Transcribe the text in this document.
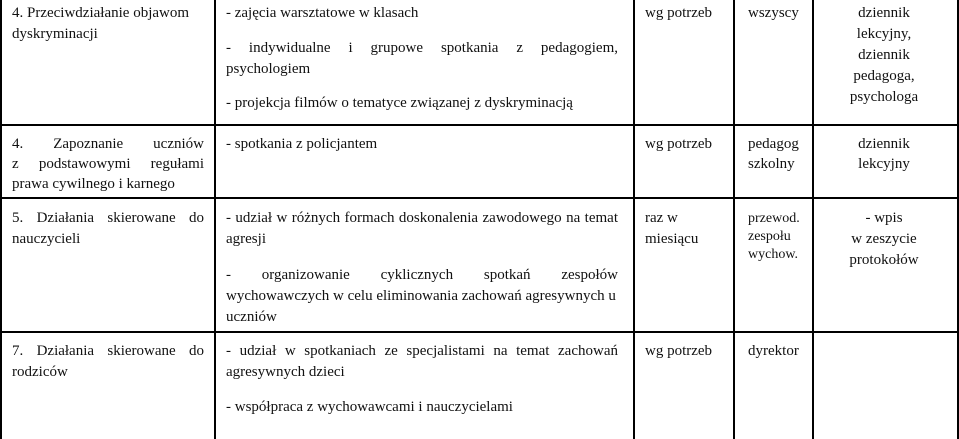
4. Przeciwdziałanie objawom
dyskryminacji
- zajęcia warsztatowe w klasach
- indywidualne i grupowe spotkania z pedagogiem,
psychologiem
- projekcja filmów o tematyce związanej z dyskryminacją
wg potrzeb wszyscy	dziennik
lekcyjny,
dziennik
pedagoga,
psychologa
4. Zapoznanie uczniów
z podstawowymi regułami
prawa cywilnego i karnego
- spotkania z policjantem	wg potrzeb pedagog
szkolny
dziennik
lekcyjny
5. Działania skierowane do
nauczycieli
- udział w różnych formach doskonalenia zawodowego na temat
agresji
- organizowanie cyklicznych spotkań zespołów
wychowawczych w celu eliminowania zachowań agresywnych u
uczniów
raz w
miesiącu
przewod.
zespołu
wychow.
- wpis
w zeszycie
protokołów
7. Działania skierowane do
rodziców
- udział w spotkaniach ze specjalistami na temat zachowań
agresywnych dzieci
- współpraca z wychowawcami i nauczycielami
wg potrzeb dyrektor
